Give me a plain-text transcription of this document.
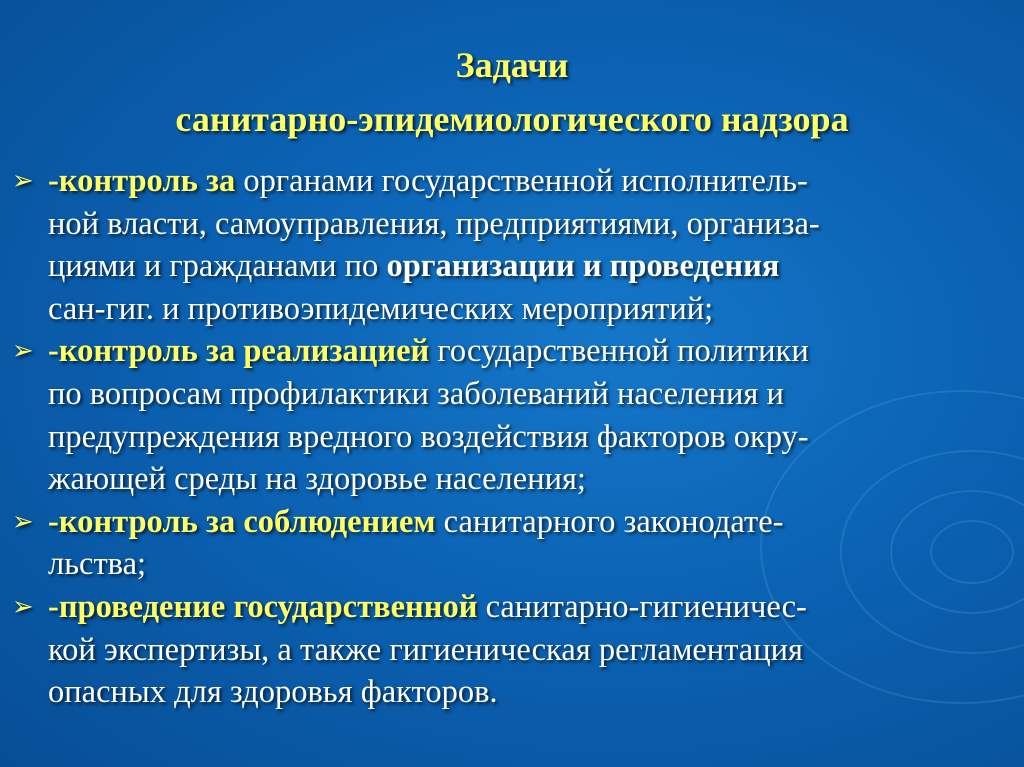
Задачи
санитарно-эпидемиологического надзора
➢ -контроль за органами государственной исполнитель-
ной власти, самоуправления, предприятиями, организа-
циями и гражданами по организации и проведения
сан-гиг. и противоэпидемических мероприятий;
➢ -контроль за реализацией государственной политики
по вопросам профилактики заболеваний населения и
предупреждения вредного воздействия факторов окру-
жающей среды на здоровье населения;
➢ -контроль за соблюдением санитарного законодате-
льства;
➢ -проведение государственной санитарно-гигиеничес-
кой экспертизы, а также гигиеническая регламентация
опасных для здоровья факторов.
